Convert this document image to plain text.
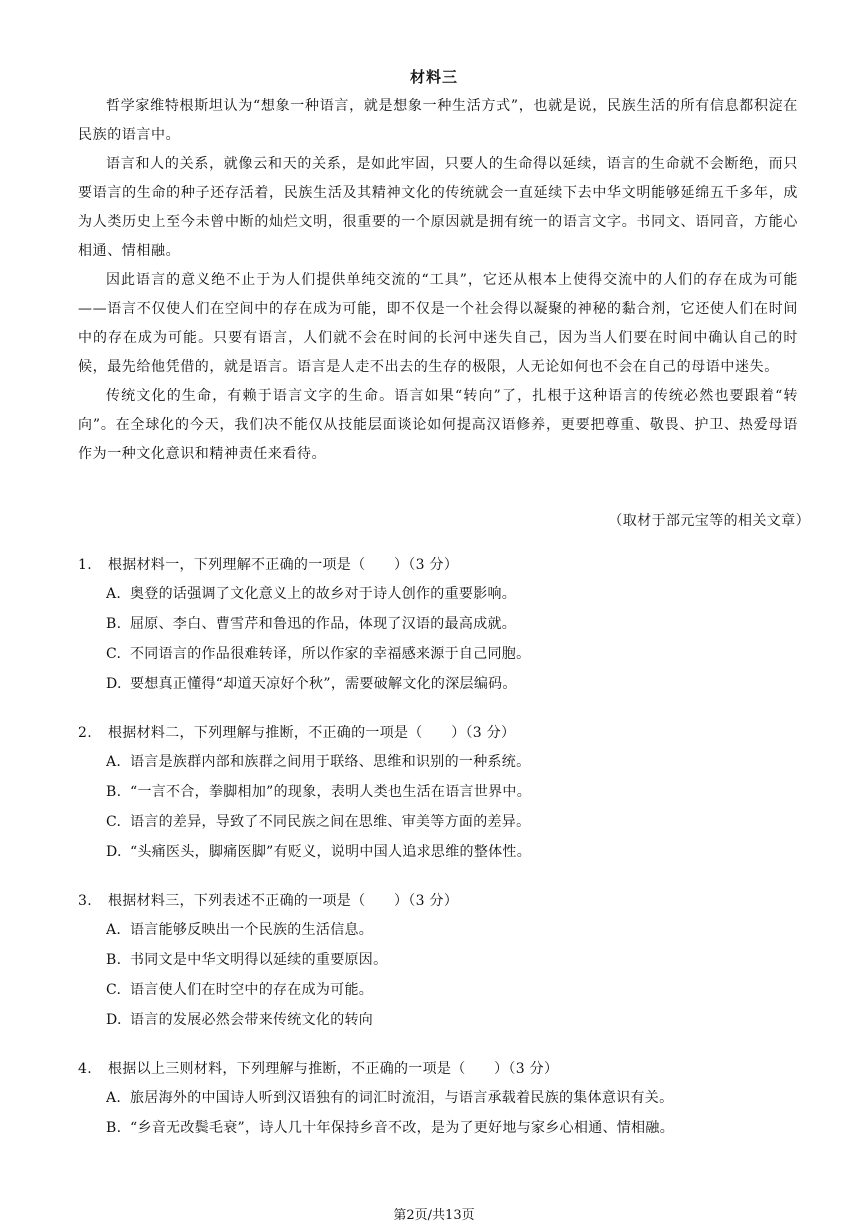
材料三

哲学家维特根斯坦认为“想象一种语言，就是想象一种生活方式”，也就是说，民族生活的所有信息都积淀在民族的语言中。

语言和人的关系，就像云和天的关系，是如此牢固，只要人的生命得以延续，语言的生命就不会断绝，而只要语言的生命的种子还存活着，民族生活及其精神文化的传统就会一直延续下去中华文明能够延绵五千多年，成为人类历史上至今未曾中断的灿烂文明，很重要的一个原因就是拥有统一的语言文字。书同文、语同音，方能心相通、情相融。

因此语言的意义绝不止于为人们提供单纯交流的“工具”，它还从根本上使得交流中的人们的存在成为可能——语言不仅使人们在空间中的存在成为可能，即不仅是一个社会得以凝聚的神秘的黏合剂，它还使人们在时间中的存在成为可能。只要有语言，人们就不会在时间的长河中迷失自己，因为当人们要在时间中确认自己的时候，最先给他凭借的，就是语言。语言是人走不出去的生存的极限，人无论如何也不会在自己的母语中迷失。

传统文化的生命，有赖于语言文字的生命。语言如果“转向”了，扎根于这种语言的传统必然也要跟着“转向”。在全球化的今天，我们决不能仅从技能层面谈论如何提高汉语修养，更要把尊重、敬畏、护卫、热爱母语作为一种文化意识和精神责任来看待。

（取材于部元宝等的相关文章）
1.	根据材料一，下列理解不正确的一项是（　　）（3 分）
A. 奥登的话强调了文化意义上的故乡对于诗人创作的重要影响。
B. 屈原、李白、曹雪芹和鲁迅的作品，体现了汉语的最高成就。
C. 不同语言的作品很难转译，所以作家的幸福感来源于自己同胞。
D. 要想真正懂得“却道天凉好个秋”，需要破解文化的深层编码。
2.	根据材料二，下列理解与推断，不正确的一项是（　　）（3 分）
A. 语言是族群内部和族群之间用于联络、思维和识别的一种系统。
B. “一言不合，拳脚相加”的现象，表明人类也生活在语言世界中。
C. 语言的差异，导致了不同民族之间在思维、审美等方面的差异。
D. “头痛医头，脚痛医脚”有贬义，说明中国人追求思维的整体性。
3.	根据材料三，下列表述不正确的一项是（　　）（3 分）
A. 语言能够反映出一个民族的生活信息。
B. 书同文是中华文明得以延续的重要原因。
C. 语言使人们在时空中的存在成为可能。
D. 语言的发展必然会带来传统文化的转向
4.	根据以上三则材料，下列理解与推断，不正确的一项是（　　）（3 分）
A. 旅居海外的中国诗人听到汉语独有的词汇时流泪，与语言承载着民族的集体意识有关。
B. “乡音无改鬓毛衰”，诗人几十年保持乡音不改，是为了更好地与家乡心相通、情相融。
第2页/共13页
